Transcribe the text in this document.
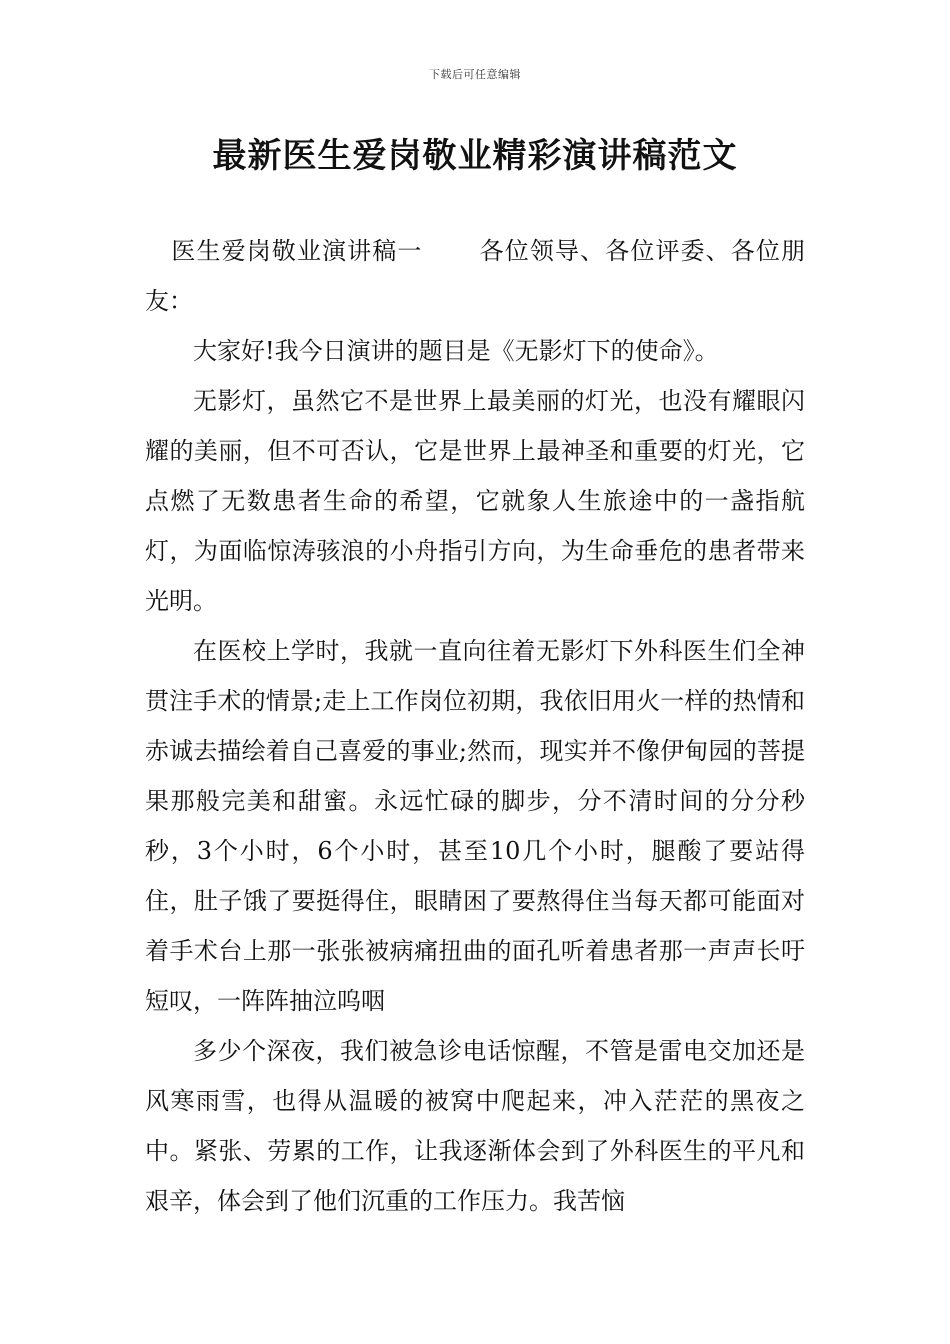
下载后可任意编辑
最新医生爱岗敬业精彩演讲稿范文

医生爱岗敬业演讲稿一 各位领导、各位评委、各位朋友：

大家好!我今日演讲的题目是《无影灯下的使命》。

无影灯，虽然它不是世界上最美丽的灯光，也没有耀眼闪耀的美丽，但不可否认，它是世界上最神圣和重要的灯光，它点燃了无数患者生命的希望，它就象人生旅途中的一盏指航灯，为面临惊涛骇浪的小舟指引方向，为生命垂危的患者带来光明。

在医校上学时，我就一直向往着无影灯下外科医生们全神贯注手术的情景;走上工作岗位初期，我依旧用火一样的热情和赤诚去描绘着自己喜爱的事业;然而，现实并不像伊甸园的菩提果那般完美和甜蜜。永远忙碌的脚步，分不清时间的分分秒秒，3个小时，6个小时，甚至10几个小时，腿酸了要站得住，肚子饿了要挺得住，眼睛困了要熬得住当每天都可能面对着手术台上那一张张被病痛扭曲的面孔听着患者那一声声长吁短叹，一阵阵抽泣呜咽

多少个深夜，我们被急诊电话惊醒，不管是雷电交加还是风寒雨雪，也得从温暖的被窝中爬起来，冲入茫茫的黑夜之中。紧张、劳累的工作，让我逐渐体会到了外科医生的平凡和艰辛，体会到了他们沉重的工作压力。我苦恼
